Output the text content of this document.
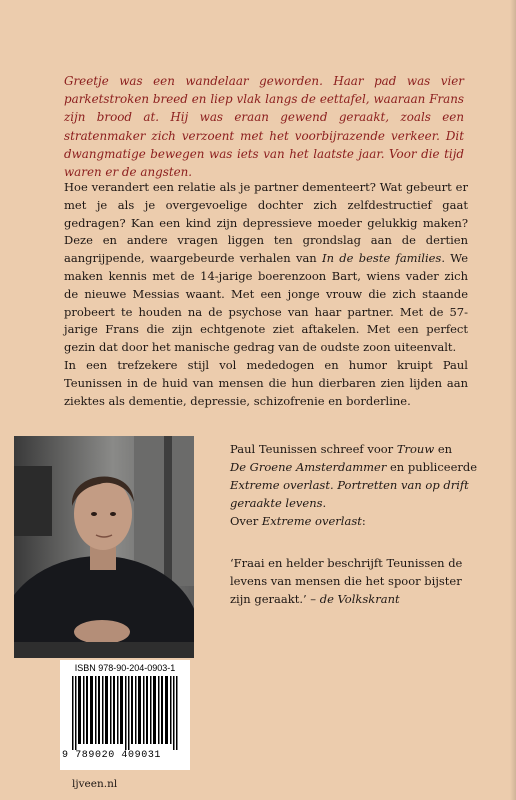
Greetje was een wandelaar geworden. Haar pad was vier parketstroken breed en liep vlak langs de eettafel, waaraan Frans zijn brood at. Hij was eraan gewend geraakt, zoals een stratenmaker zich verzoent met het voorbijrazende verkeer. Dit dwangmatige bewegen was iets van het laatste jaar. Voor die tijd waren er de angsten.

Hoe verandert een relatie als je partner dementeert? Wat gebeurt er met je als je overgevoelige dochter zich zelfdestructief gaat gedragen? Kan een kind zijn depressieve moeder gelukkig maken? Deze en andere vragen liggen ten grondslag aan de dertien aangrijpende, waargebeurde verhalen van In de beste families. We maken kennis met de 14-jarige boerenzoon Bart, wiens vader zich de nieuwe Messias waant. Met een jonge vrouw die zich staande probeert te houden na de psychose van haar partner. Met de 57-jarige Frans die zijn echtgenote ziet aftakelen. Met een perfect gezin dat door het manische gedrag van de oudste zoon uiteenvalt.

In een trefzekere stijl vol mededogen en humor kruipt Paul Teunissen in de huid van mensen die hun dierbaren zien lijden aan ziektes als dementie, depressie, schizofrenie en borderline.

Paul Teunissen schreef voor Trouw en
De Groene Amsterdammer en publiceerde
Extreme overlast. Portretten van op drift geraakte levens.

Over Extreme overlast:

‘Fraai en helder beschrijft Teunissen de levens van mensen die het spoor bijster zijn geraakt.’ – de Volkskrant

ISBN 978-90-204-0903-1
9 789020 409031
ljveen.nl
